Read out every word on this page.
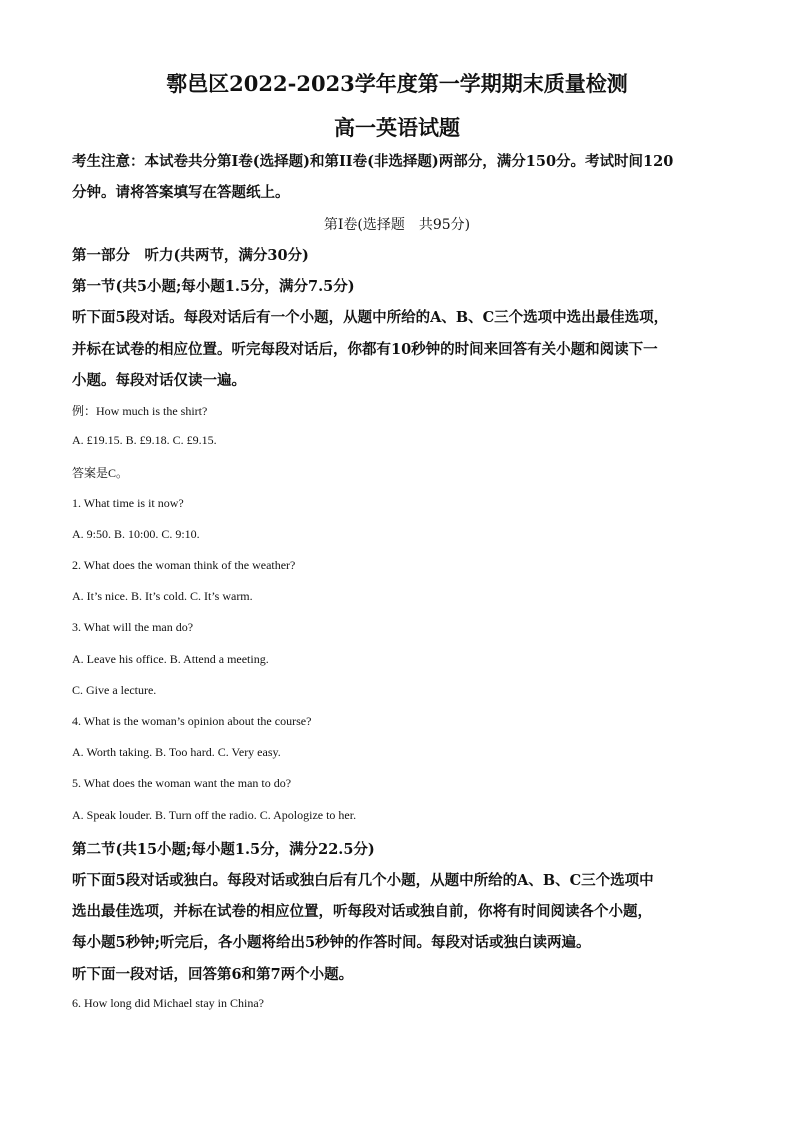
鄠邑区2022-2023学年度第一学期期末质量检测
高一英语试题
考生注意：本试卷共分第I卷(选择题)和第II卷(非选择题)两部分，满分150分。考试时间120
分钟。请将答案填写在答题纸上。
第I卷(选择题　共95分)
第一部分　听力(共两节，满分30分)
第一节(共5小题;每小题1.5分，满分7.5分)
听下面5段对话。每段对话后有一个小题，从题中所给的A、B、C三个选项中选出最佳选项，
并标在试卷的相应位置。听完每段对话后，你都有10秒钟的时间来回答有关小题和阅读下一
小题。每段对话仅读一遍。
例：How much is the shirt?
A. £19.15. B. £9.18. C. £9.15.
答案是C。
1. What time is it now?
A. 9:50. B. 10:00. C. 9:10.
2. What does the woman think of the weather?
A. It’s nice. B. It’s cold. C. It’s warm.
3. What will the man do?
A. Leave his office. B. Attend a meeting.
C. Give a lecture.
4. What is the woman’s opinion about the course?
A. Worth taking. B. Too hard. C. Very easy.
5. What does the woman want the man to do?
A. Speak louder. B. Turn off the radio. C. Apologize to her.
第二节(共15小题;每小题1.5分，满分22.5分)
听下面5段对话或独白。每段对话或独白后有几个小题，从题中所给的A、B、C三个选项中
选出最佳选项，并标在试卷的相应位置，听每段对话或独自前，你将有时间阅读各个小题，
每小题5秒钟;听完后，各小题将给出5秒钟的作答时间。每段对话或独白读两遍。
听下面一段对话，回答第6和第7两个小题。
6. How long did Michael stay in China?
